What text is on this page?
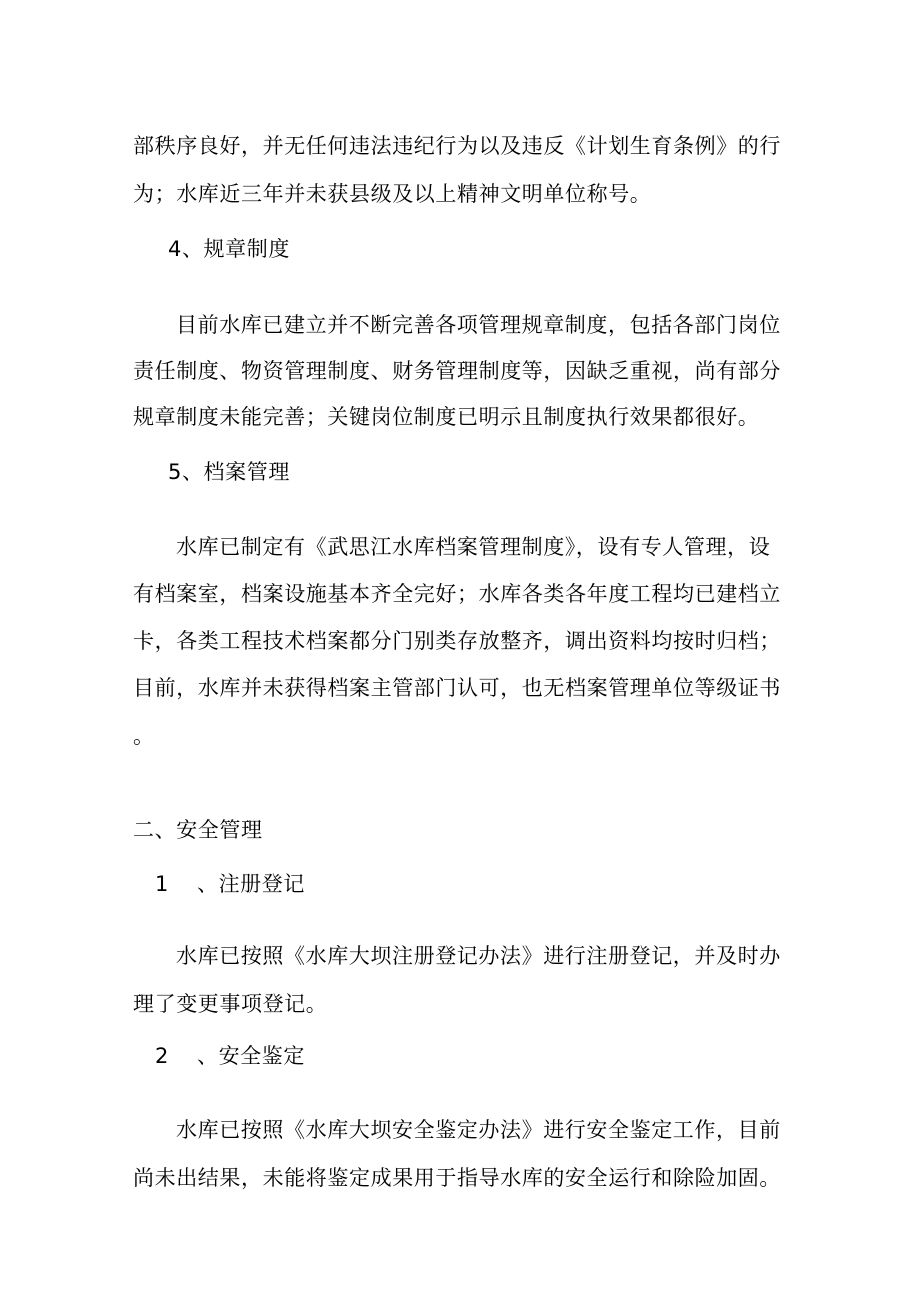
部秩序良好，并无任何违法违纪行为以及违反《计划生育条例》的行
为；水库近三年并未获县级及以上精神文明单位称号。
4、规章制度
目前水库已建立并不断完善各项管理规章制度，包括各部门岗位
责任制度、物资管理制度、财务管理制度等，因缺乏重视，尚有部分
规章制度未能完善；关键岗位制度已明示且制度执行效果都很好。
5、档案管理
水库已制定有《武思江水库档案管理制度》，设有专人管理，设
有档案室，档案设施基本齐全完好；水库各类各年度工程均已建档立
卡，各类工程技术档案都分门别类存放整齐，调出资料均按时归档；
目前，水库并未获得档案主管部门认可，也无档案管理单位等级证书
。
二、安全管理
1 、注册登记
水库已按照《水库大坝注册登记办法》进行注册登记，并及时办
理了变更事项登记。
2 、安全鉴定
水库已按照《水库大坝安全鉴定办法》进行安全鉴定工作，目前
尚未出结果，未能将鉴定成果用于指导水库的安全运行和除险加固。
